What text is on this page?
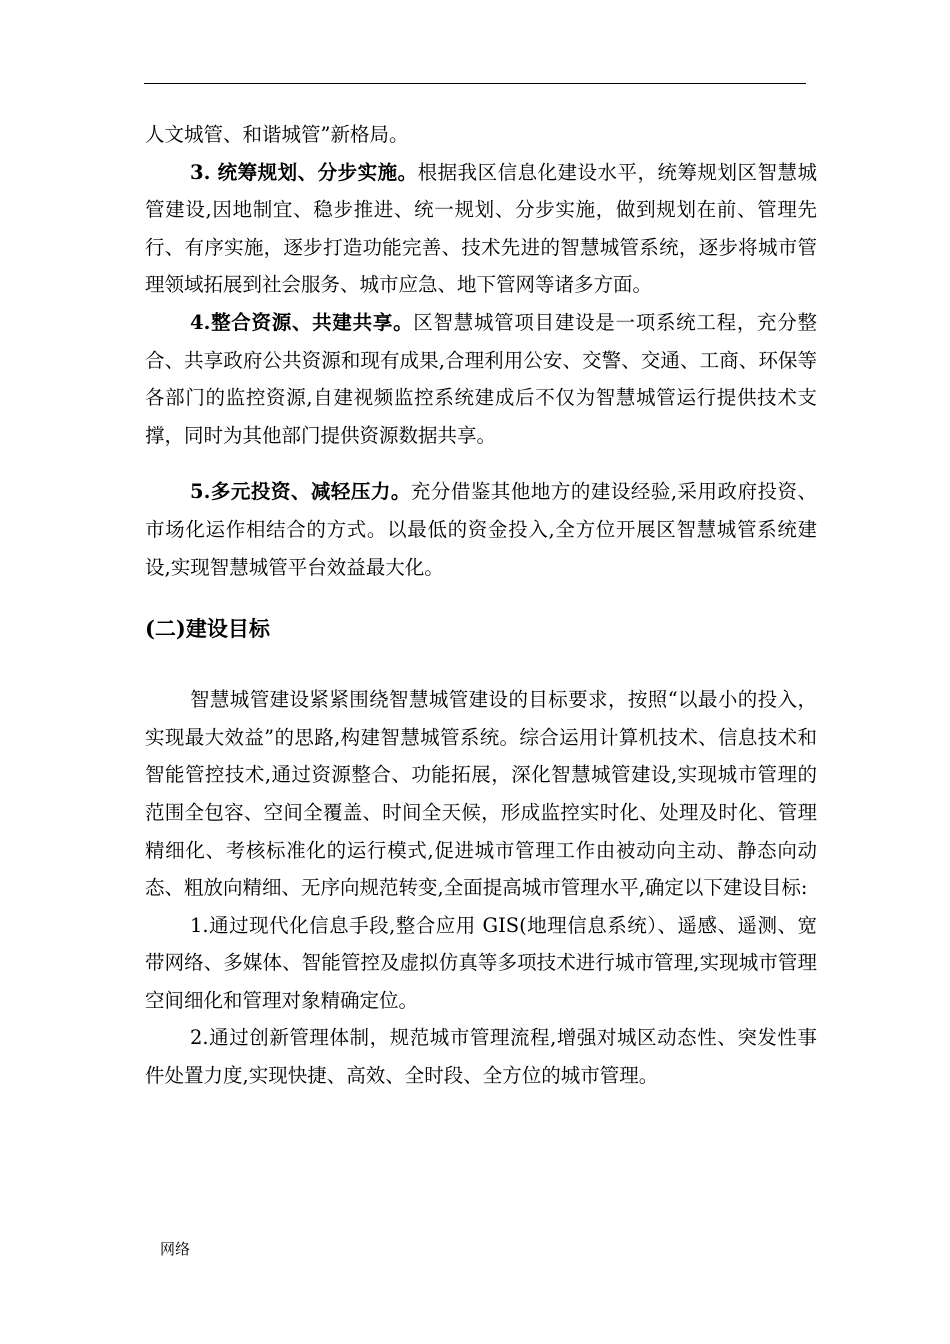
人文城管、和谐城管”新格局。

3. 统筹规划、分步实施。根据我区信息化建设水平，统筹规划区智慧城管建设,因地制宜、稳步推进、统一规划、分步实施，做到规划在前、管理先行、有序实施，逐步打造功能完善、技术先进的智慧城管系统，逐步将城市管理领域拓展到社会服务、城市应急、地下管网等诸多方面。

4.整合资源、共建共享。区智慧城管项目建设是一项系统工程，充分整合、共享政府公共资源和现有成果,合理利用公安、交警、交通、工商、环保等各部门的监控资源,自建视频监控系统建成后不仅为智慧城管运行提供技术支撑，同时为其他部门提供资源数据共享。

5.多元投资、减轻压力。充分借鉴其他地方的建设经验,采用政府投资、市场化运作相结合的方式。以最低的资金投入,全方位开展区智慧城管系统建设,实现智慧城管平台效益最大化。

(二)建设目标

智慧城管建设紧紧围绕智慧城管建设的目标要求，按照“以最小的投入，实现最大效益”的思路,构建智慧城管系统。综合运用计算机技术、信息技术和智能管控技术,通过资源整合、功能拓展，深化智慧城管建设,实现城市管理的范围全包容、空间全覆盖、时间全天候，形成监控实时化、处理及时化、管理精细化、考核标准化的运行模式,促进城市管理工作由被动向主动、静态向动态、粗放向精细、无序向规范转变,全面提高城市管理水平,确定以下建设目标:

1.通过现代化信息手段,整合应用 GIS(地理信息系统）、遥感、遥测、宽带网络、多媒体、智能管控及虚拟仿真等多项技术进行城市管理,实现城市管理空间细化和管理对象精确定位。

2.通过创新管理体制，规范城市管理流程,增强对城区动态性、突发性事件处置力度,实现快捷、高效、全时段、全方位的城市管理。

网络
